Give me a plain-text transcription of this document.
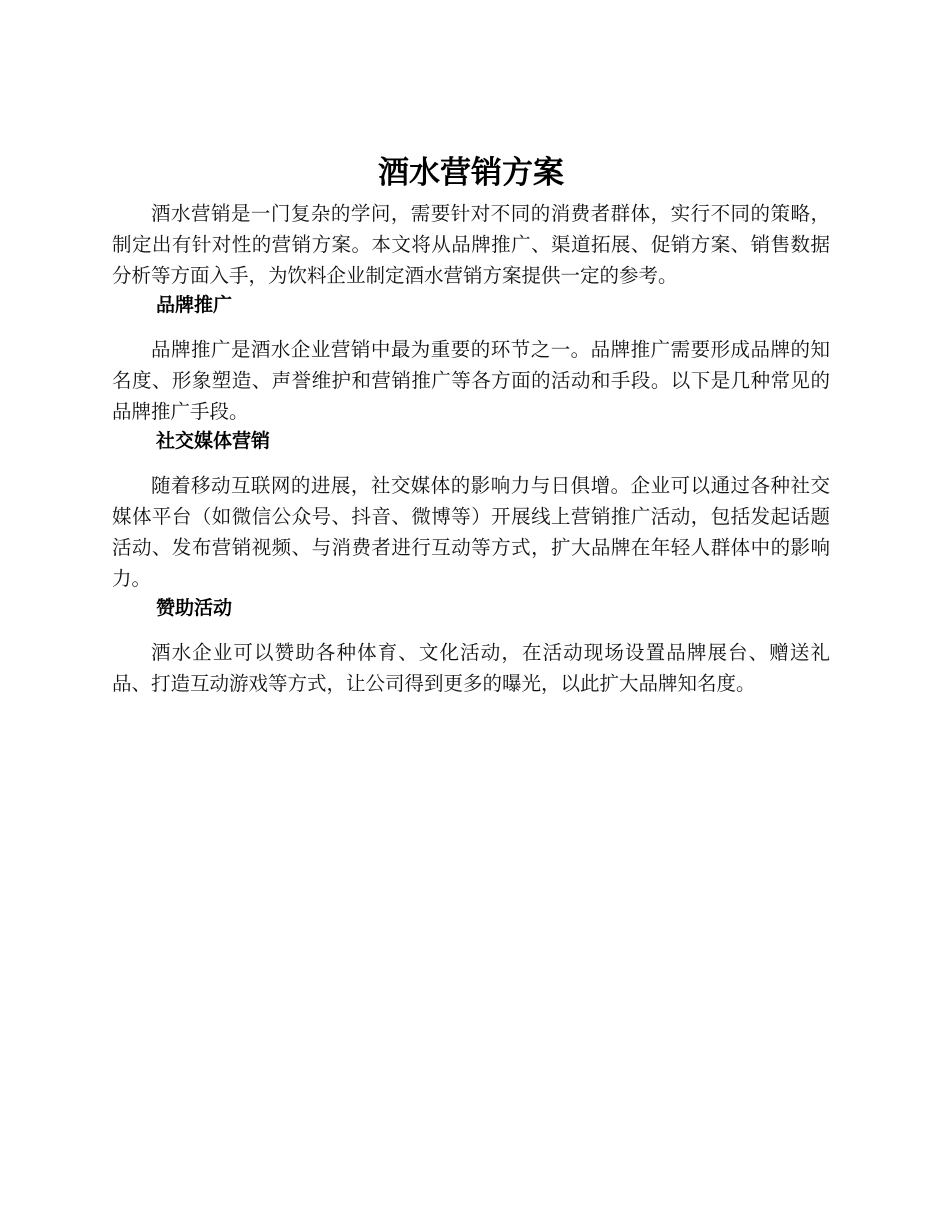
酒水营销方案

酒水营销是一门复杂的学问，需要针对不同的消费者群体，实行不同的策略，制定出有针对性的营销方案。本文将从品牌推广、渠道拓展、促销方案、销售数据分析等方面入手，为饮料企业制定酒水营销方案提供一定的参考。

品牌推广

品牌推广是酒水企业营销中最为重要的环节之一。品牌推广需要形成品牌的知名度、形象塑造、声誉维护和营销推广等各方面的活动和手段。以下是几种常见的品牌推广手段。

社交媒体营销

随着移动互联网的进展，社交媒体的影响力与日俱增。企业可以通过各种社交媒体平台（如微信公众号、抖音、微博等）开展线上营销推广活动，包括发起话题活动、发布营销视频、与消费者进行互动等方式，扩大品牌在年轻人群体中的影响力。

赞助活动

酒水企业可以赞助各种体育、文化活动，在活动现场设置品牌展台、赠送礼品、打造互动游戏等方式，让公司得到更多的曝光，以此扩大品牌知名度。
